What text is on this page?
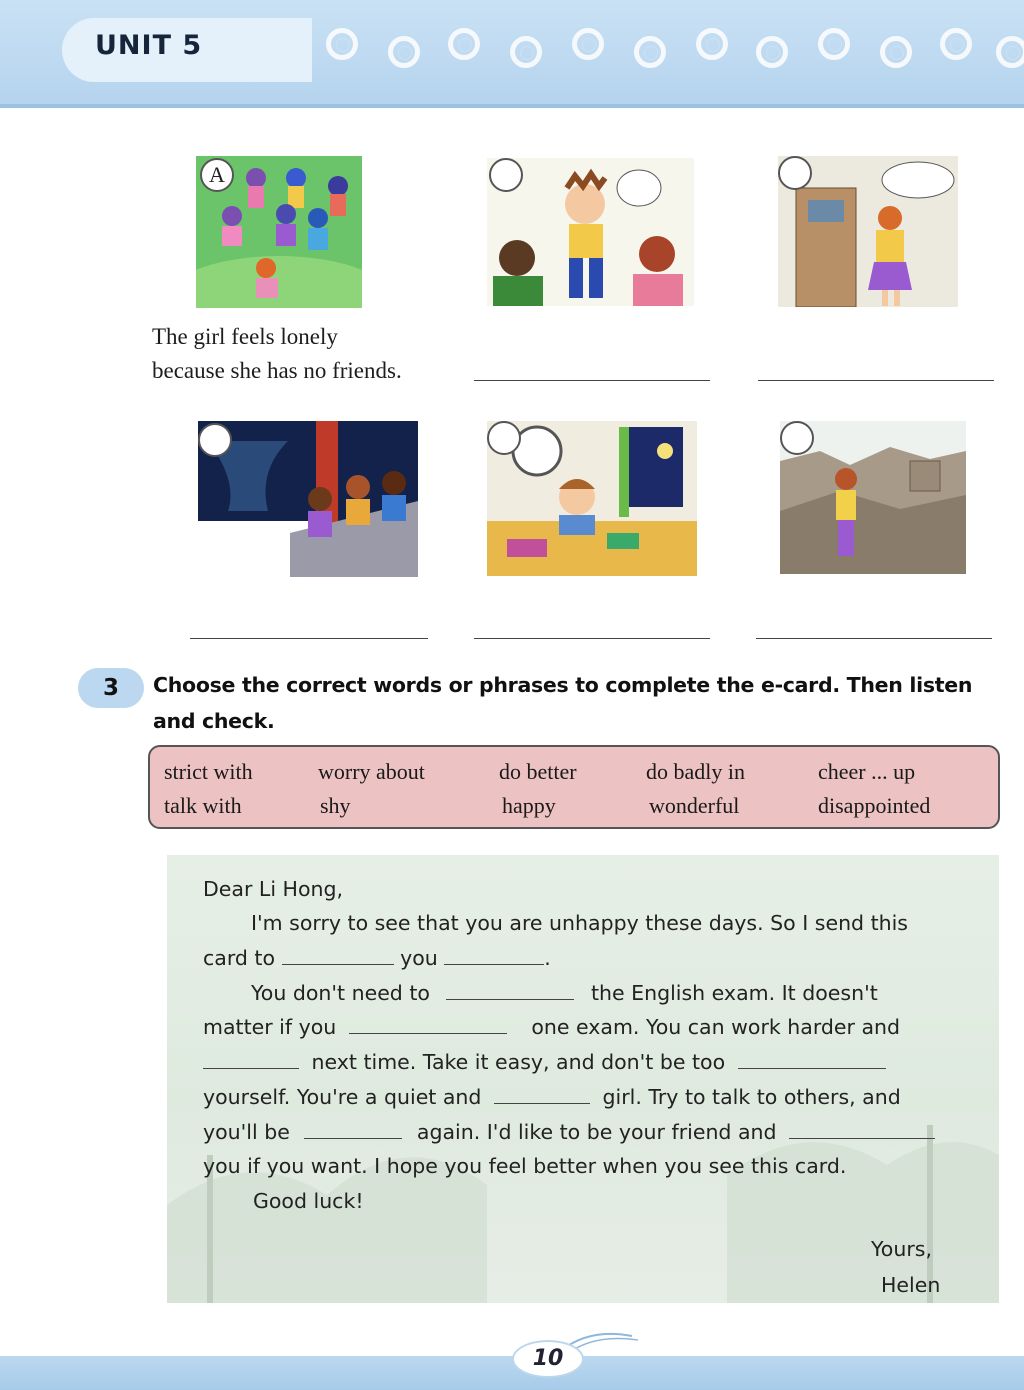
UNIT 5
A
The girl feels lonely
because she has no friends.
3	Choose the correct words or phrases to complete the e-card. Then listen
and check.
strict with	worry about	do better	do badly in	cheer ... up
talk with	shy	happy	wonderful	disappointed
Dear Li Hong,
I'm sorry to see that you are unhappy these days. So I send this
card to	you	.
You don't need to	the English exam. It doesn't
matter if you	one exam. You can work harder and
next time. Take it easy, and don't be too
yourself. You're a quiet and	girl. Try to talk to others, and
you'll be	again. I'd like to be your friend and
you if you want. I hope you feel better when you see this card.
Good luck!
Yours,
Helen
10
